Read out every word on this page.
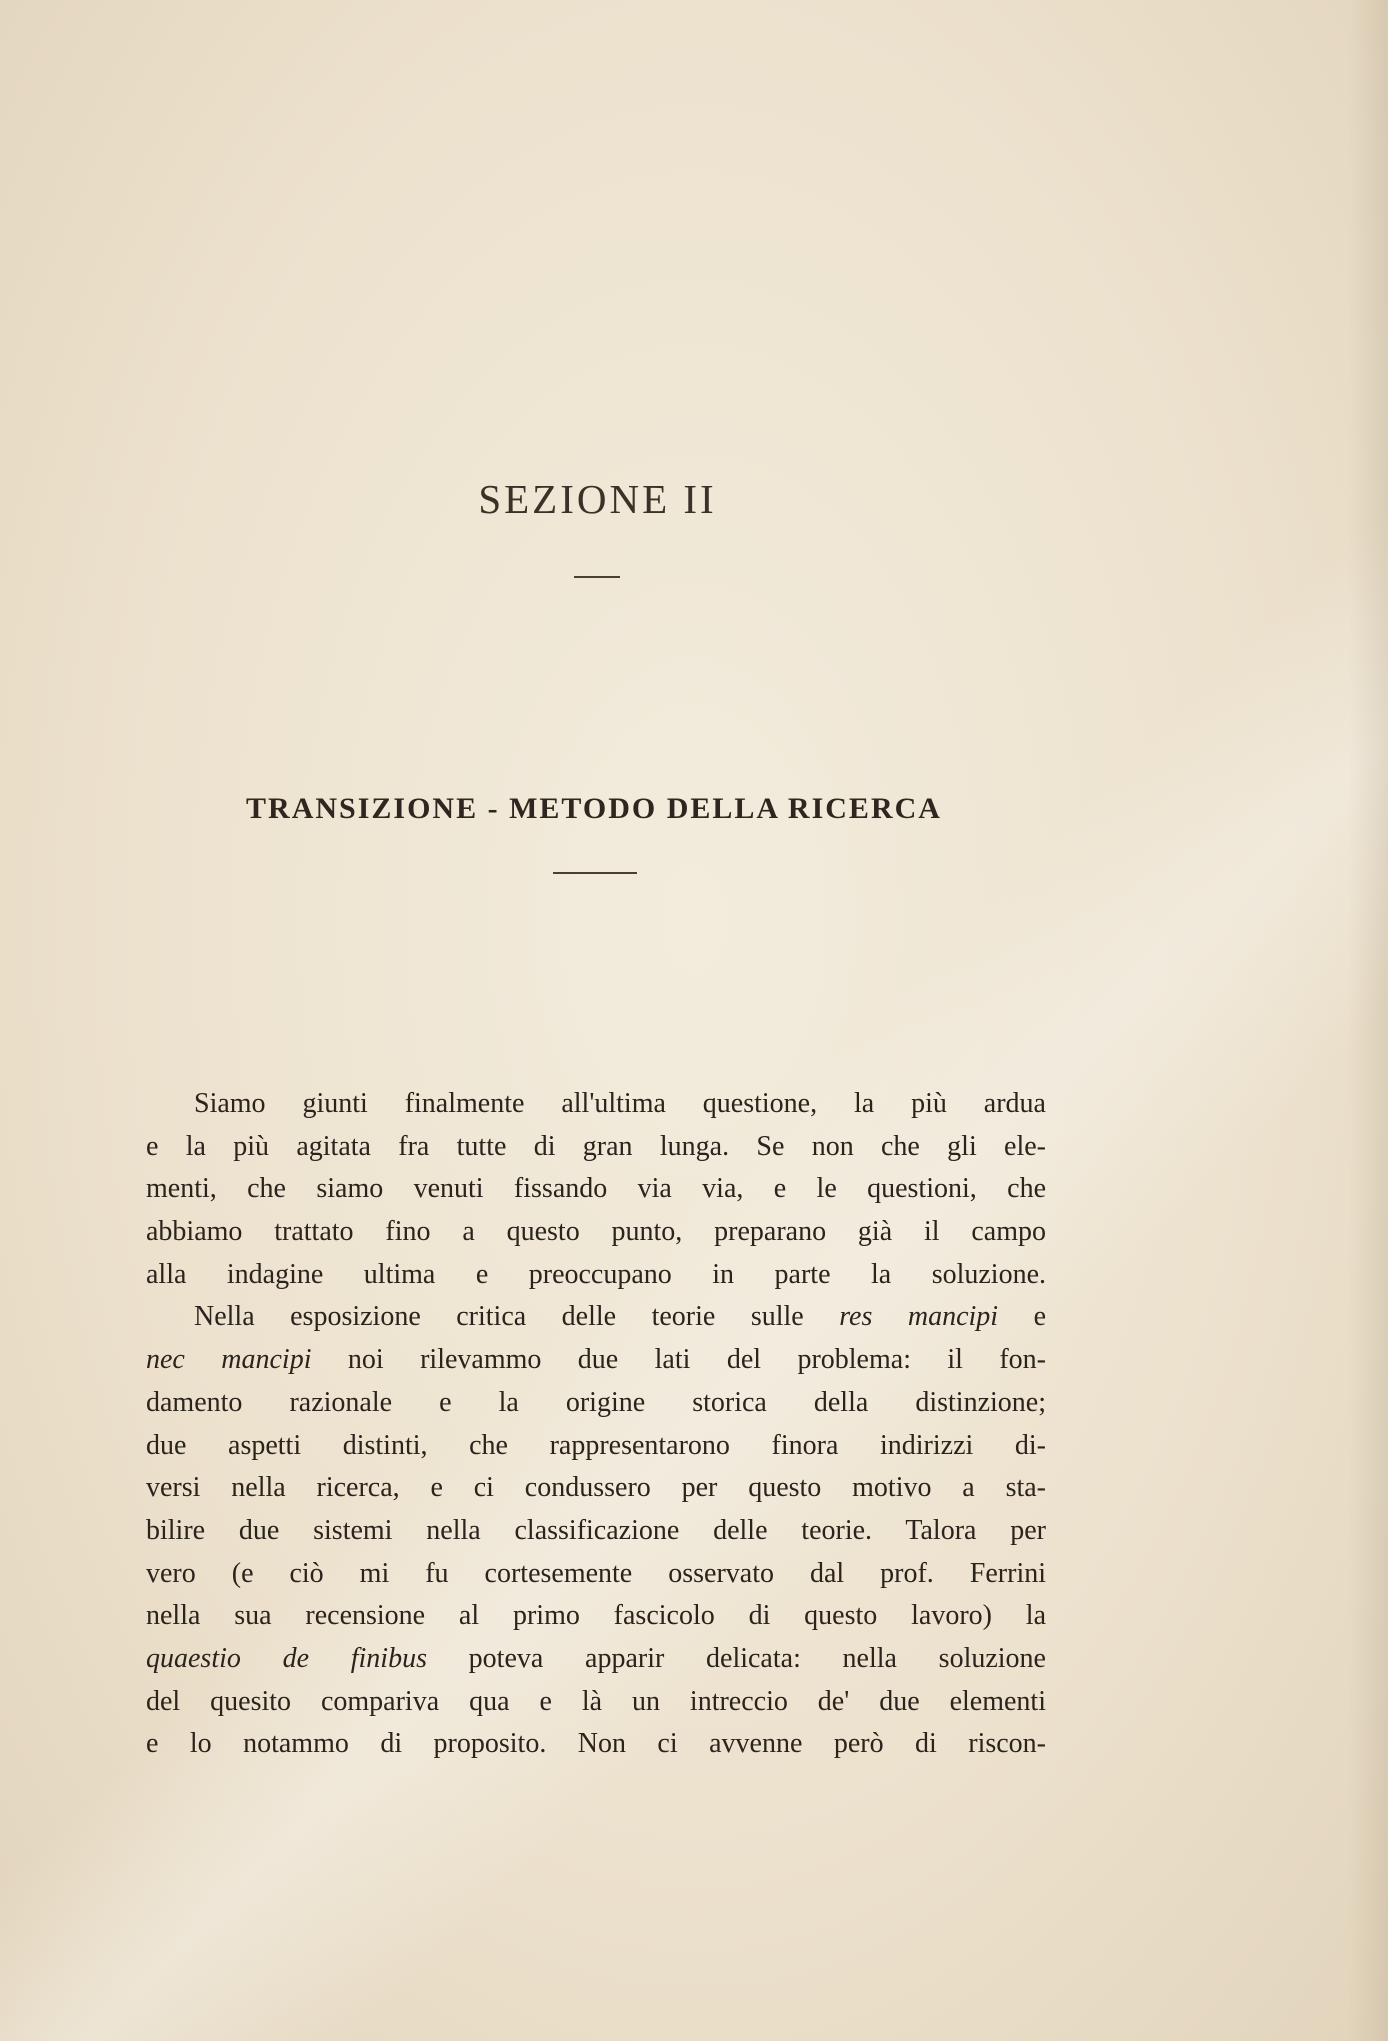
SEZIONE II
TRANSIZIONE - METODO DELLA RICERCA
Siamo giunti finalmente all'ultima questione, la più ardua
e la più agitata fra tutte di gran lunga. Se non che gli ele-
menti, che siamo venuti fissando via via, e le questioni, che
abbiamo trattato fino a questo punto, preparano già il campo
alla indagine ultima e preoccupano in parte la soluzione.
Nella esposizione critica delle teorie sulle res mancipi e
nec mancipi noi rilevammo due lati del problema: il fon-
damento razionale e la origine storica della distinzione;
due aspetti distinti, che rappresentarono finora indirizzi di-
versi nella ricerca, e ci condussero per questo motivo a sta-
bilire due sistemi nella classificazione delle teorie. Talora per
vero (e ciò mi fu cortesemente osservato dal prof. Ferrini
nella sua recensione al primo fascicolo di questo lavoro) la
quaestio de finibus poteva apparir delicata: nella soluzione
del quesito compariva qua e là un intreccio de' due elementi
e lo notammo di proposito. Non ci avvenne però di riscon-
